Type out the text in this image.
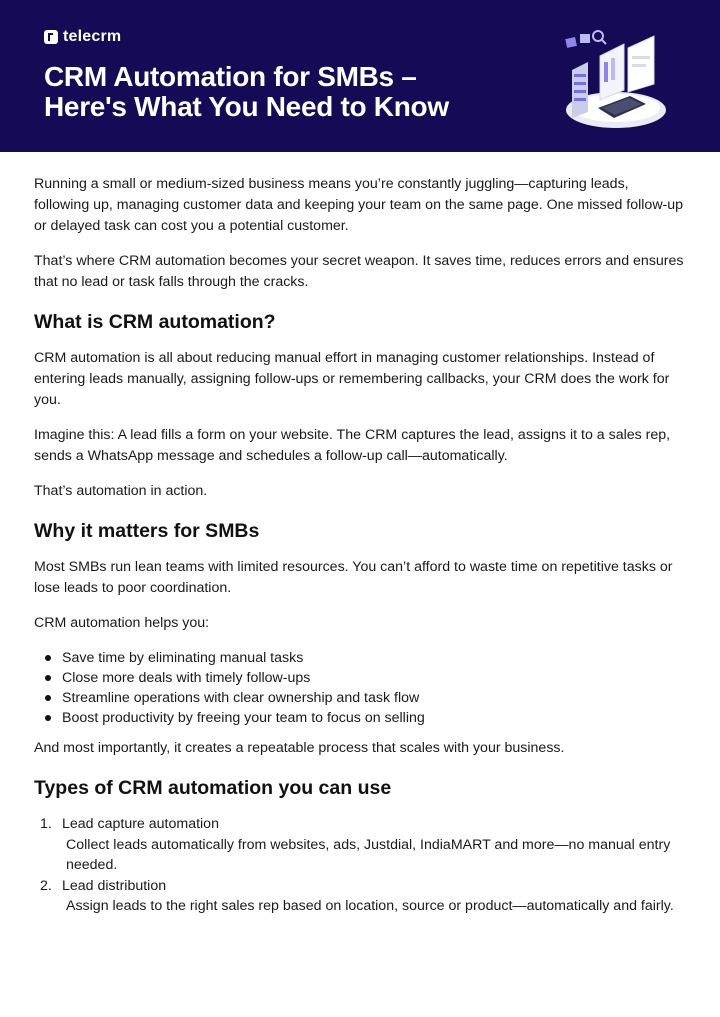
telecrm
CRM Automation for SMBs –
Here's What You Need to Know

Running a small or medium-sized business means you’re constantly juggling—capturing leads, following up, managing customer data and keeping your team on the same page. One missed follow-up or delayed task can cost you a potential customer.

That’s where CRM automation becomes your secret weapon. It saves time, reduces errors and ensures that no lead or task falls through the cracks.

What is CRM automation?

CRM automation is all about reducing manual effort in managing customer relationships. Instead of entering leads manually, assigning follow-ups or remembering callbacks, your CRM does the work for you.

Imagine this: A lead fills a form on your website. The CRM captures the lead, assigns it to a sales rep, sends a WhatsApp message and schedules a follow-up call—automatically.

That’s automation in action.

Why it matters for SMBs

Most SMBs run lean teams with limited resources. You can’t afford to waste time on repetitive tasks or lose leads to poor coordination.

CRM automation helps you:

Save time by eliminating manual tasks
Close more deals with timely follow-ups
Streamline operations with clear ownership and task flow
Boost productivity by freeing your team to focus on selling

And most importantly, it creates a repeatable process that scales with your business.

Types of CRM automation you can use
1. Lead capture automation
Collect leads automatically from websites, ads, Justdial, IndiaMART and more—no manual entry needed.
2. Lead distribution
Assign leads to the right sales rep based on location, source or product—automatically and fairly.
